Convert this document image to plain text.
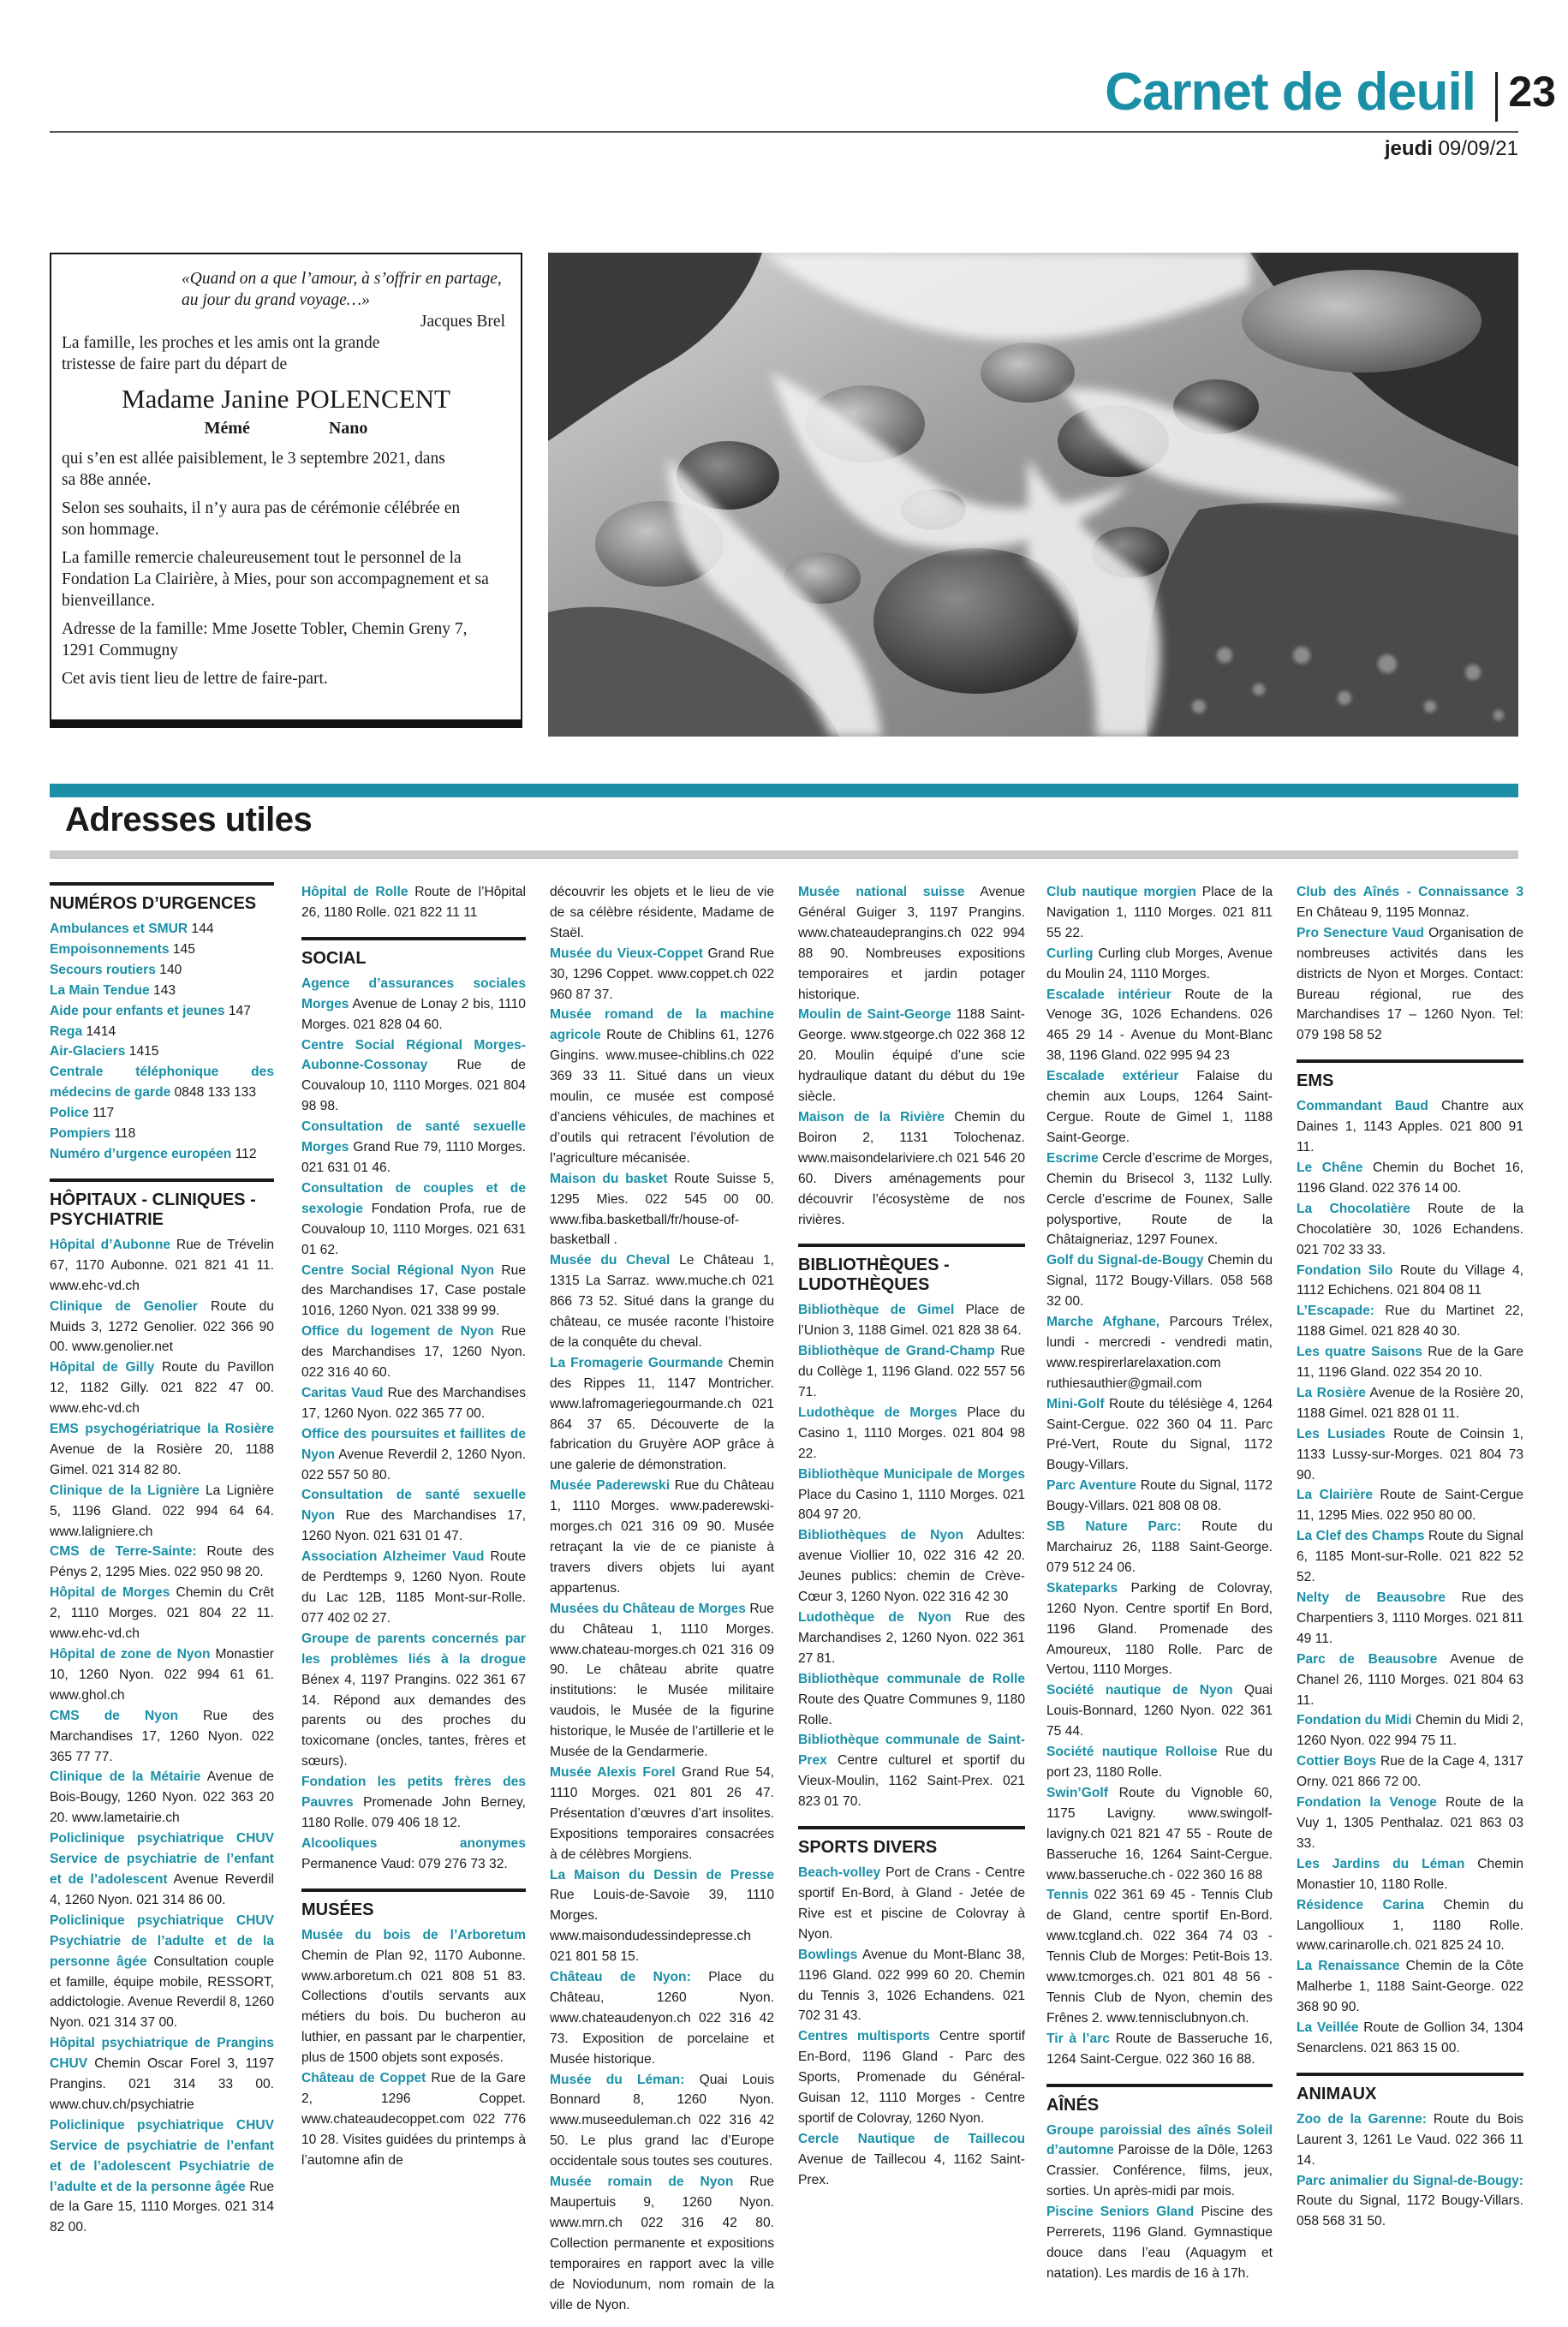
Carnet de deuil 23
jeudi 09/09/21
«Quand on a que l’amour, à s’offrir en partage, au jour du grand voyage…»
Jacques Brel

La famille, les proches et les amis ont la grande tristesse de faire part du départ de

Madame Janine POLENCENT
Mémé	Nano

qui s’en est allée paisiblement, le 3 septembre 2021, dans sa 88e année.

Selon ses souhaits, il n’y aura pas de cérémonie célébrée en son hommage.

La famille remercie chaleureusement tout le personnel de la Fondation La Clairière, à Mies, pour son accompagnement et sa bienveillance.

Adresse de la famille: Mme Josette Tobler, Chemin Greny 7, 1291 Commugny

Cet avis tient lieu de lettre de faire-part.

Adresses utiles
NUMÉROS D’URGENCES
Ambulances et SMUR 144
Empoisonnements 145
Secours routiers 140
La Main Tendue 143
Aide pour enfants et jeunes 147
Rega 1414
Air-Glaciers 1415
Centrale téléphonique des médecins de garde 0848 133 133
Police 117
Pompiers 118
Numéro d’urgence européen 112
HÔPITAUX - CLINIQUES - PSYCHIATRIE
Hôpital d’Aubonne Rue de Trévelin 67, 1170 Aubonne. 021 821 41 11. www.ehc-vd.ch
Clinique de Genolier Route du Muids 3, 1272 Genolier. 022 366 90 00. www.genolier.net
Hôpital de Gilly Route du Pavillon 12, 1182 Gilly. 021 822 47 00. www.ehc-vd.ch
EMS psychogériatrique la Rosière Avenue de la Rosière 20, 1188 Gimel. 021 314 82 80.
Clinique de la Lignière La Lignière 5, 1196 Gland. 022 994 64 64. www.laligniere.ch
CMS de Terre-Sainte: Route des Pénys 2, 1295 Mies. 022 950 98 20.
Hôpital de Morges Chemin du Crêt 2, 1110 Morges. 021 804 22 11. www.ehc-vd.ch
Hôpital de zone de Nyon Monastier 10, 1260 Nyon. 022 994 61 61. www.ghol.ch
CMS de Nyon Rue des Marchandises 17, 1260 Nyon. 022 365 77 77.
Clinique de la Métairie Avenue de Bois-Bougy, 1260 Nyon. 022 363 20 20. www.lametairie.ch
Policlinique psychiatrique CHUV Service de psychiatrie de l’enfant et de l’adolescent Avenue Reverdil 4, 1260 Nyon. 021 314 86 00.
Policlinique psychiatrique CHUV Psychiatrie de l’adulte et de la personne âgée Consultation couple et famille, équipe mobile, RESSORT, addictologie. Avenue Reverdil 8, 1260 Nyon. 021 314 37 00.
Hôpital psychiatrique de Prangins CHUV Chemin Oscar Forel 3, 1197 Prangins. 021 314 33 00. www.chuv.ch/psychiatrie
Policlinique psychiatrique CHUV Service de psychiatrie de l’enfant et de l’adolescent Psychiatrie de l’adulte et de la personne âgée Rue de la Gare 15, 1110 Morges. 021 314 82 00.
Hôpital de Rolle Route de l’Hôpital 26, 1180 Rolle. 021 822 11 11
SOCIAL
Agence d’assurances sociales Morges Avenue de Lonay 2 bis, 1110 Morges. 021 828 04 60.
Centre Social Régional Morges-Aubonne-Cossonay Rue de Couvaloup 10, 1110 Morges. 021 804 98 98.
Consultation de santé sexuelle Morges Grand Rue 79, 1110 Morges. 021 631 01 46.
Consultation de couples et de sexologie Fondation Profa, rue de Couvaloup 10, 1110 Morges. 021 631 01 62.
Centre Social Régional Nyon Rue des Marchandises 17, Case postale 1016, 1260 Nyon. 021 338 99 99.
Office du logement de Nyon Rue des Marchandises 17, 1260 Nyon. 022 316 40 60.
Caritas Vaud Rue des Marchandises 17, 1260 Nyon. 022 365 77 00.
Office des poursuites et faillites de Nyon Avenue Reverdil 2, 1260 Nyon. 022 557 50 80.
Consultation de santé sexuelle Nyon Rue des Marchandises 17, 1260 Nyon. 021 631 01 47.
Association Alzheimer Vaud Route de Perdtemps 9, 1260 Nyon. Route du Lac 12B, 1185 Mont-sur-Rolle. 077 402 02 27.
Groupe de parents concernés par les problèmes liés à la drogue Bénex 4, 1197 Prangins. 022 361 67 14. Répond aux demandes des parents ou des proches du toxicomane (oncles, tantes, frères et sœurs).
Fondation les petits frères des Pauvres Promenade John Berney, 1180 Rolle. 079 406 18 12.
Alcooliques anonymes Permanence Vaud: 079 276 73 32.
MUSÉES
Musée du bois de l’Arboretum Chemin de Plan 92, 1170 Aubonne. www.arboretum.ch 021 808 51 83. Collections d’outils servants aux métiers du bois. Du bucheron au luthier, en passant par le charpentier, plus de 1500 objets sont exposés.
Château de Coppet Rue de la Gare 2, 1296 Coppet. www.chateaudecoppet.com 022 776 10 28. Visites guidées du printemps à l’automne afin de
découvrir les objets et le lieu de vie de sa célèbre résidente, Madame de Staël.
Musée du Vieux-Coppet Grand Rue 30, 1296 Coppet. www.coppet.ch 022 960 87 37.
Musée romand de la machine agricole Route de Chiblins 61, 1276 Gingins. www.musee-chiblins.ch 022 369 33 11. Situé dans un vieux moulin, ce musée est composé d’anciens véhicules, de machines et d’outils qui retracent l’évolution de l’agriculture mécanisée.
Maison du basket Route Suisse 5, 1295 Mies. 022 545 00 00. www.fiba.basketball/fr/house-of-basketball .
Musée du Cheval Le Château 1, 1315 La Sarraz. www.muche.ch 021 866 73 52. Situé dans la grange du château, ce musée raconte l’histoire de la conquête du cheval.
La Fromagerie Gourmande Chemin des Rippes 11, 1147 Montricher. www.lafromageriegourmande.ch 021 864 37 65. Découverte de la fabrication du Gruyère AOP grâce à une galerie de démonstration.
Musée Paderewski Rue du Château 1, 1110 Morges. www.paderewski-morges.ch 021 316 09 90. Musée retraçant la vie de ce pianiste à travers divers objets lui ayant appartenus.
Musées du Château de Morges Rue du Château 1, 1110 Morges. www.chateau-morges.ch 021 316 09 90. Le château abrite quatre institutions: le Musée militaire vaudois, le Musée de la figurine historique, le Musée de l’artillerie et le Musée de la Gendarmerie.
Musée Alexis Forel Grand Rue 54, 1110 Morges. 021 801 26 47. Présentation d’œuvres d’art insolites. Expositions temporaires consacrées à de célèbres Morgiens.
La Maison du Dessin de Presse Rue Louis-de-Savoie 39, 1110 Morges. www.maisondudessindepresse.ch 021 801 58 15.
Château de Nyon: Place du Château, 1260 Nyon. www.chateaudenyon.ch 022 316 42 73. Exposition de porcelaine et Musée historique.
Musée du Léman: Quai Louis Bonnard 8, 1260 Nyon. www.museeduleman.ch 022 316 42 50. Le plus grand lac d’Europe occidentale sous toutes ses coutures.
Musée romain de Nyon Rue Maupertuis 9, 1260 Nyon. www.mrn.ch 022 316 42 80. Collection permanente et expositions temporaires en rapport avec la ville de Noviodunum, nom romain de la ville de Nyon.
Musée national suisse Avenue Général Guiger 3, 1197 Prangins. www.chateaudeprangins.ch 022 994 88 90. Nombreuses expositions temporaires et jardin potager historique.
Moulin de Saint-George 1188 Saint-George. www.stgeorge.ch 022 368 12 20. Moulin équipé d’une scie hydraulique datant du début du 19e siècle.
Maison de la Rivière Chemin du Boiron 2, 1131 Tolochenaz. www.maisondelariviere.ch 021 546 20 60. Divers aménagements pour découvrir l’écosystème de nos rivières.
BIBLIOTHÈQUES - LUDOTHÈQUES
Bibliothèque de Gimel Place de l’Union 3, 1188 Gimel. 021 828 38 64.
Bibliothèque de Grand-Champ Rue du Collège 1, 1196 Gland. 022 557 56 71.
Ludothèque de Morges Place du Casino 1, 1110 Morges. 021 804 98 22.
Bibliothèque Municipale de Morges Place du Casino 1, 1110 Morges. 021 804 97 20.
Bibliothèques de Nyon Adultes: avenue Viollier 10, 022 316 42 20. Jeunes publics: chemin de Crève-Cœur 3, 1260 Nyon. 022 316 42 30
Ludothèque de Nyon Rue des Marchandises 2, 1260 Nyon. 022 361 27 81.
Bibliothèque communale de Rolle Route des Quatre Communes 9, 1180 Rolle.
Bibliothèque communale de Saint-Prex Centre culturel et sportif du Vieux-Moulin, 1162 Saint-Prex. 021 823 01 70.
SPORTS DIVERS
Beach-volley Port de Crans - Centre sportif En-Bord, à Gland - Jetée de Rive est et piscine de Colovray à Nyon.
Bowlings Avenue du Mont-Blanc 38, 1196 Gland. 022 999 60 20. Chemin du Tennis 3, 1026 Echandens. 021 702 31 43.
Centres multisports Centre sportif En-Bord, 1196 Gland - Parc des Sports, Promenade du Général-Guisan 12, 1110 Morges - Centre sportif de Colovray, 1260 Nyon.
Cercle Nautique de Taillecou Avenue de Taillecou 4, 1162 Saint-Prex.
Club nautique morgien Place de la Navigation 1, 1110 Morges. 021 811 55 22.
Curling Curling club Morges, Avenue du Moulin 24, 1110 Morges.
Escalade intérieur Route de la Venoge 3G, 1026 Echandens. 026 465 29 14 - Avenue du Mont-Blanc 38, 1196 Gland. 022 995 94 23
Escalade extérieur Falaise du chemin aux Loups, 1264 Saint-Cergue. Route de Gimel 1, 1188 Saint-George.
Escrime Cercle d’escrime de Morges, Chemin du Brisecol 3, 1132 Lully. Cercle d’escrime de Founex, Salle polysportive, Route de la Châtaigneriaz, 1297 Founex.
Golf du Signal-de-Bougy Chemin du Signal, 1172 Bougy-Villars. 058 568 32 00.
Marche Afghane, Parcours Trélex, lundi - mercredi - vendredi matin, www.respirerlarelaxation.com ruthiesauthier@gmail.com
Mini-Golf Route du télésiège 4, 1264 Saint-Cergue. 022 360 04 11. Parc Pré-Vert, Route du Signal, 1172 Bougy-Villars.
Parc Aventure Route du Signal, 1172 Bougy-Villars. 021 808 08 08.
SB Nature Parc: Route du Marchairuz 26, 1188 Saint-George. 079 512 24 06.
Skateparks Parking de Colovray, 1260 Nyon. Centre sportif En Bord, 1196 Gland. Promenade des Amoureux, 1180 Rolle. Parc de Vertou, 1110 Morges.
Société nautique de Nyon Quai Louis-Bonnard, 1260 Nyon. 022 361 75 44.
Société nautique Rolloise Rue du port 23, 1180 Rolle.
Swin’Golf Route du Vignoble 60, 1175 Lavigny. www.swingolf-lavigny.ch 021 821 47 55 - Route de Basseruche 16, 1264 Saint-Cergue. www.basseruche.ch - 022 360 16 88
Tennis 022 361 69 45 - Tennis Club de Gland, centre sportif En-Bord. www.tcgland.ch. 022 364 74 03 - Tennis Club de Morges: Petit-Bois 13. www.tcmorges.ch. 021 801 48 56 - Tennis Club de Nyon, chemin des Frênes 2. www.tennisclubnyon.ch.
Tir à l’arc Route de Basseruche 16, 1264 Saint-Cergue. 022 360 16 88.
AÎNÉS
Groupe paroissial des aînés Soleil d’automne Paroisse de la Dôle, 1263 Crassier. Conférence, films, jeux, sorties. Un après-midi par mois.
Piscine Seniors Gland Piscine des Perrerets, 1196 Gland. Gymnastique douce dans l’eau (Aquagym et natation). Les mardis de 16 à 17h.
Club des Aînés - Connaissance 3 En Château 9, 1195 Monnaz.
Pro Senecture Vaud Organisation de nombreuses activités dans les districts de Nyon et Morges. Contact: Bureau régional, rue des Marchandises 17 – 1260 Nyon. Tel: 079 198 58 52
EMS
Commandant Baud Chantre aux Daines 1, 1143 Apples. 021 800 91 11.
Le Chêne Chemin du Bochet 16, 1196 Gland. 022 376 14 00.
La Chocolatière Route de la Chocolatière 30, 1026 Echandens. 021 702 33 33.
Fondation Silo Route du Village 4, 1112 Echichens. 021 804 08 11
L’Escapade: Rue du Martinet 22, 1188 Gimel. 021 828 40 30.
Les quatre Saisons Rue de la Gare 11, 1196 Gland. 022 354 20 10.
La Rosière Avenue de la Rosière 20, 1188 Gimel. 021 828 01 11.
Les Lusiades Route de Coinsin 1, 1133 Lussy-sur-Morges. 021 804 73 90.
La Clairière Route de Saint-Cergue 11, 1295 Mies. 022 950 80 00.
La Clef des Champs Route du Signal 6, 1185 Mont-sur-Rolle. 021 822 52 52.
Nelty de Beausobre Rue des Charpentiers 3, 1110 Morges. 021 811 49 11.
Parc de Beausobre Avenue de Chanel 26, 1110 Morges. 021 804 63 11.
Fondation du Midi Chemin du Midi 2, 1260 Nyon. 022 994 75 11.
Cottier Boys Rue de la Cage 4, 1317 Orny. 021 866 72 00.
Fondation la Venoge Route de la Vuy 1, 1305 Penthalaz. 021 863 03 33.
Les Jardins du Léman Chemin Monastier 10, 1180 Rolle.
Résidence Carina Chemin du Langolliouх 1, 1180 Rolle. www.carinarolle.ch. 021 825 24 10.
La Renaissance Chemin de la Côte Malherbe 1, 1188 Saint-George. 022 368 90 90.
La Veillée Route de Gollion 34, 1304 Senarclens. 021 863 15 00.
ANIMAUX
Zoo de la Garenne: Route du Bois Laurent 3, 1261 Le Vaud. 022 366 11 14.
Parc animalier du Signal-de-Bougy: Route du Signal, 1172 Bougy-Villars. 058 568 31 50.
